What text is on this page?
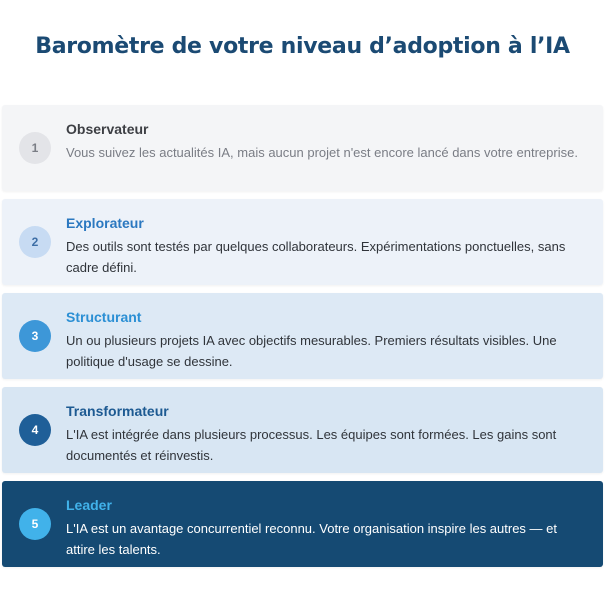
Baromètre de votre niveau d’adoption à l’IA
1
Observateur
Vous suivez les actualités IA, mais aucun projet n'est encore lancé dans votre entreprise.
2
Explorateur
Des outils sont testés par quelques collaborateurs. Expérimentations ponctuelles, sans cadre défini.
3
Structurant
Un ou plusieurs projets IA avec objectifs mesurables. Premiers résultats visibles. Une politique d'usage se dessine.
4
Transformateur
L'IA est intégrée dans plusieurs processus. Les équipes sont formées. Les gains sont documentés et réinvestis.
5
Leader
L'IA est un avantage concurrentiel reconnu. Votre organisation inspire les autres — et attire les talents.
